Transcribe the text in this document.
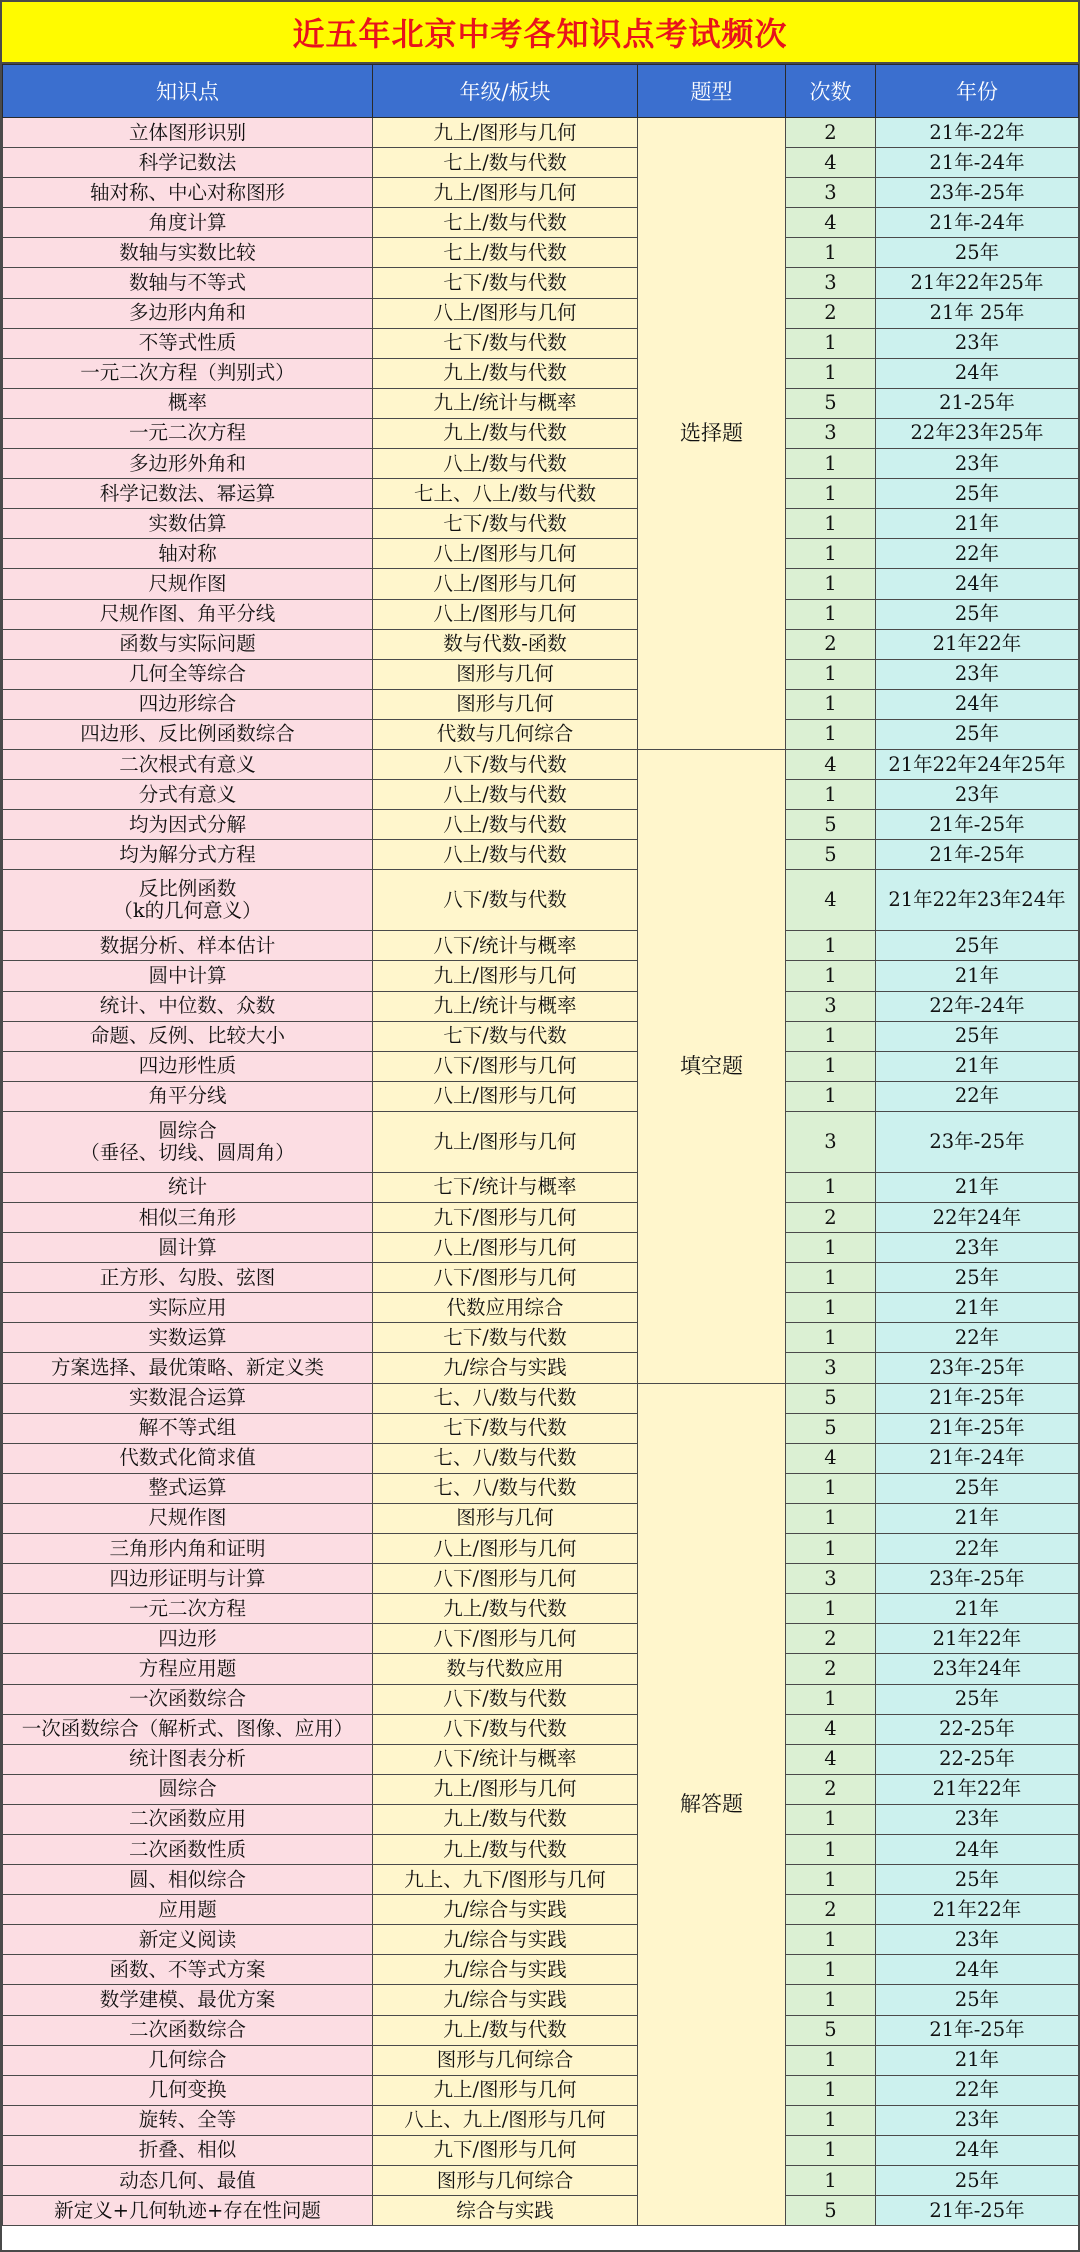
近五年北京中考各知识点考试频次
知识点	年级/板块	题型	次数	年份

立体图形识别	九上/图形与几何	选择题	2	21年-22年

科学记数法	七上/数与代数		4	21年-24年

轴对称、中心对称图形	九上/图形与几何		3	23年-25年

角度计算	七上/数与代数		4	21年-24年

数轴与实数比较	七上/数与代数		1	25年

数轴与不等式	七下/数与代数		3	21年22年25年

多边形内角和	八上/图形与几何		2	21年 25年

不等式性质	七下/数与代数		1	23年

一元二次方程（判别式）	九上/数与代数		1	24年

概率	九上/统计与概率		5	21-25年

一元二次方程	九上/数与代数		3	22年23年25年

多边形外角和	八上/数与代数		1	23年

科学记数法、幂运算	七上、八上/数与代数		1	25年

实数估算	七下/数与代数		1	21年

轴对称	八上/图形与几何		1	22年

尺规作图	八上/图形与几何		1	24年

尺规作图、角平分线	八上/图形与几何		1	25年

函数与实际问题	数与代数-函数		2	21年22年

几何全等综合	图形与几何		1	23年

四边形综合	图形与几何		1	24年

四边形、反比例函数综合	代数与几何综合		1	25年

二次根式有意义	八下/数与代数	填空题	4	21年22年24年25年

分式有意义	八上/数与代数		1	23年

均为因式分解	八上/数与代数		5	21年-25年

均为解分式方程	八上/数与代数		5	21年-25年

反比例函数
（k的几何意义）	八下/数与代数		4	21年22年23年24年

数据分析、样本估计	八下/统计与概率		1	25年

圆中计算	九上/图形与几何		1	21年

统计、中位数、众数	九上/统计与概率		3	22年-24年

命题、反例、比较大小	七下/数与代数		1	25年

四边形性质	八下/图形与几何		1	21年

角平分线	八上/图形与几何		1	22年

圆综合
（垂径、切线、圆周角）	九上/图形与几何		3	23年-25年

统计	七下/统计与概率		1	21年

相似三角形	九下/图形与几何		2	22年24年

圆计算	八上/图形与几何		1	23年

正方形、勾股、弦图	八下/图形与几何		1	25年

实际应用	代数应用综合		1	21年

实数运算	七下/数与代数		1	22年

方案选择、最优策略、新定义类	九/综合与实践		3	23年-25年

实数混合运算	七、八/数与代数	解答题	5	21年-25年

解不等式组	七下/数与代数		5	21年-25年

代数式化简求值	七、八/数与代数		4	21年-24年

整式运算	七、八/数与代数		1	25年

尺规作图	图形与几何		1	21年

三角形内角和证明	八上/图形与几何		1	22年

四边形证明与计算	八下/图形与几何		3	23年-25年

一元二次方程	九上/数与代数		1	21年

四边形	八下/图形与几何		2	21年22年

方程应用题	数与代数应用		2	23年24年

一次函数综合	八下/数与代数		1	25年

一次函数综合（解析式、图像、应用）	八下/数与代数		4	22-25年

统计图表分析	八下/统计与概率		4	22-25年

圆综合	九上/图形与几何		2	21年22年

二次函数应用	九上/数与代数		1	23年

二次函数性质	九上/数与代数		1	24年

圆、相似综合	九上、九下/图形与几何		1	25年

应用题	九/综合与实践		2	21年22年

新定义阅读	九/综合与实践		1	23年

函数、不等式方案	九/综合与实践		1	24年

数学建模、最优方案	九/综合与实践		1	25年

二次函数综合	九上/数与代数		5	21年-25年

几何综合	图形与几何综合		1	21年

几何变换	九上/图形与几何		1	22年

旋转、全等	八上、九上/图形与几何		1	23年

折叠、相似	九下/图形与几何		1	24年

动态几何、最值	图形与几何综合		1	25年

新定义+几何轨迹+存在性问题	综合与实践		5	21年-25年
